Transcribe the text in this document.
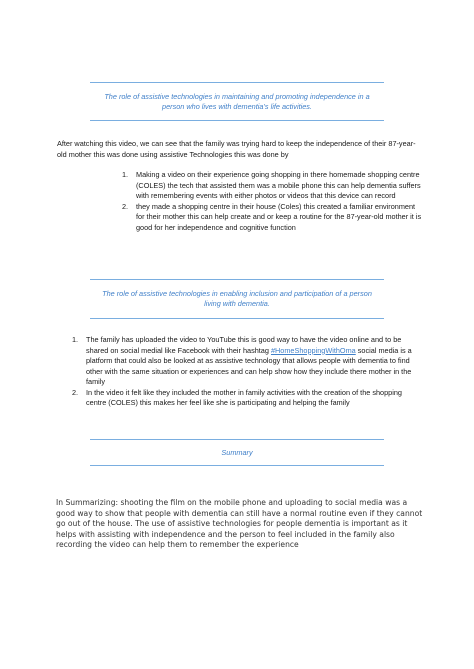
The role of assistive technologies in maintaining and promoting independence in a person who lives with dementia’s life activities.
After watching this video, we can see that the family was trying hard to keep the independence of their 87-year-old mother this was done using assistive Technologies this was done by
1. Making a video on their experience going shopping in there homemade shopping centre (COLES) the tech that assisted them was a mobile phone this can help dementia suffers with remembering events with either photos or videos that this device can record
2. they made a shopping centre in their house (Coles) this created a familiar environment for their mother this can help create and or keep a routine for the 87-year-old mother it is good for her independence and cognitive function
The role of assistive technologies in enabling inclusion and participation of a person living with dementia.
1. The family has uploaded the video to YouTube this is good way to have the video online and to be shared on social medial like Facebook with their hashtag #HomeShoppingWithOma social media is a platform that could also be looked at as assistive technology that allows people with dementia to find other with the same situation or experiences and can help show how they include there mother in the family
2. In the video it felt like they included the mother in family activities with the creation of the shopping centre (COLES) this makes her feel like she is participating and helping the family
Summary
In Summarizing: shooting the film on the mobile phone and uploading to social media was a good way to show that people with dementia can still have a normal routine even if they cannot go out of the house. The use of assistive technologies for people dementia is important as it helps with assisting with independence and the person to feel included in the family also recording the video can help them to remember the experience
